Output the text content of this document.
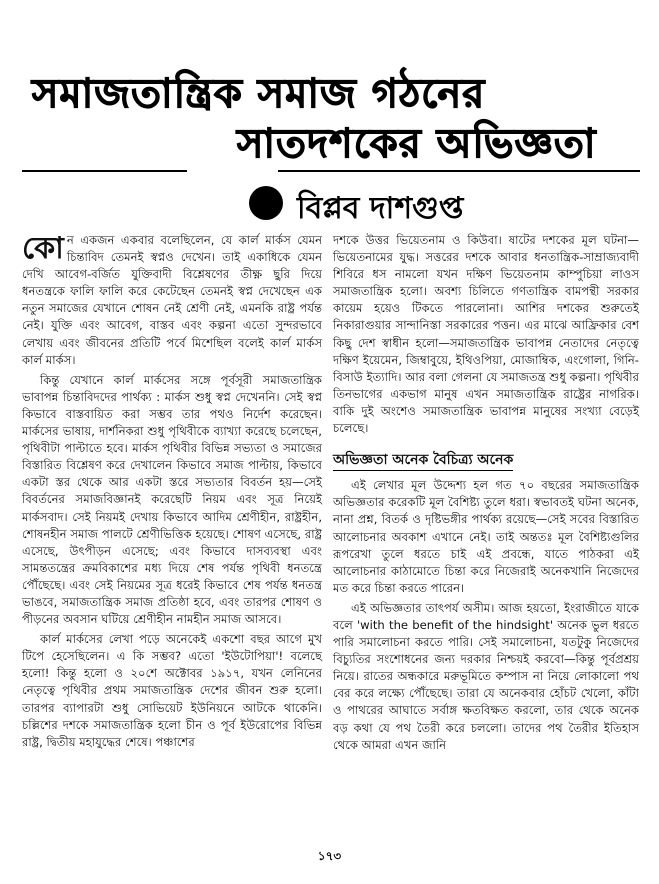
সমাজতান্ত্রিক সমাজ গঠনের
সাতদশকের অভিজ্ঞতা
বিপ্লব দাশগুপ্ত

কোন একজন একবার বলেছিলেন, যে কার্ল মার্কস যেমন চিন্তাবিদ তেমনই স্বপ্নও দেখেন। তাই একাধিকে যেমন দেখি আবেগ-বর্জিত যুক্তিবাদী বিশ্লেষণের তীক্ষ্ণ ছুরি দিয়ে ধনতন্ত্রকে ফালি ফালি করে কেটেছেন তেমনই স্বপ্ন দেখেছেন এক নতুন সমাজের যেখানে শোষন নেই শ্রেণী নেই, এমনকি রাষ্ট্র পর্যন্ত নেই। যুক্তি এবং আবেগ, বাস্তব এবং কল্পনা এতো সুন্দরভাবে লেখায় এবং জীবনের প্রতিটি পর্বে মিশেছিল বলেই কার্ল মার্কস কার্ল মার্কস।

কিন্তু যেখানে কার্ল মার্কসের সঙ্গে পূর্বসূরী সমাজতান্ত্রিক ভাবাপন্ন চিন্তাবিদদের পার্থক্য : মার্কস শুধু স্বপ্ন দেখেননি। সেই স্বপ্ন কিভাবে বাস্তবায়িত করা সম্ভব তার পথও নির্দেশ করেছেন। মার্কসের ভাষায়, দার্শনিকরা শুধু পৃথিবীকে ব্যাখ্যা করেছে চলেছেন, পৃথিবীটা পাল্টাতে হবে। মার্কস পৃথিবীর বিভিন্ন সভ্যতা ও সমাজের বিস্তারিত বিশ্লেষণ করে দেখালেন কিভাবে সমাজ পাল্টায়, কিভাবে একটা স্তর থেকে আর একটা স্তরে সভ্যতার বিবর্তন হয়—সেই বিবর্তনের সমাজবিজ্ঞানই করেছেটি নিয়ম এবং সূত্র নিয়েই মার্কসবাদ। সেই নিয়মই দেখায় কিভাবে আদিম শ্রেণীহীন, রাষ্ট্রহীন, শোষনহীন সমাজ পালটে শ্রেণীভিত্তিক হয়েছে। শোষণ এসেছে, রাষ্ট্র এসেছে, উৎপীড়ন এসেছে; এবং কিভাবে দাসব্যবস্থা এবং সামন্ততন্ত্রের ক্রমবিকাশের মধ্য দিয়ে শেষ পর্যন্ত পৃথিবী ধনতন্ত্রে পৌঁছেছে। এবং সেই নিয়মের সূত্র ধরেই কিভাবে শেষ পর্যন্ত ধনতন্ত্র ভাঙবে, সমাজতান্ত্রিক সমাজ প্রতিষ্ঠা হবে, এবং তারপর শোষণ ও পীড়নের অবসান ঘটিয়ে শ্রেণীহীন নামহীন সমাজ আসবে।

কার্ল মার্কসের লেখা পড়ে অনেকেই একশো বছর আগে মুখ টিপে হেসেছিলেন। এ কি সম্ভব? এতো 'ইউটোপিয়া'! বলেছে হলো! কিন্তু হলো ও ২০শে অক্টোবর ১৯১৭, যখন লেনিনের নেতৃত্বে পৃথিবীর প্রথম সমাজতান্ত্রিক দেশের জীবন শুরু হলো। তারপর ব্যাপারটা শুধু সোভিয়েট ইউনিয়নে আটকে থাকেনি। চল্লিশের দশকে সমাজতান্ত্রিক হলো চীন ও পূর্ব ইউরোপের বিভিন্ন রাষ্ট্র, দ্বিতীয় মহাযুদ্ধের শেষে। পঞ্চাশের

দশকে উত্তর ভিয়েতনাম ও কিউবা। ষাটের দশকের মূল ঘটনা—ভিয়েতনামের যুদ্ধ। সত্তরের দশকে আবার ধনতান্ত্রিক-সাম্রাজ্যবাদী শিবিরে ধস নামলো যখন দক্ষিণ ভিয়েতনাম কাম্পুচিয়া লাওস সমাজতান্ত্রিক হলো। অবশ্য চিলিতে গণতান্ত্রিক বামপন্থী সরকার কায়েম হয়েও টিকতে পারলোনা। আশির দশকের শুরুতেই নিকারাগুয়ার সান্দানিস্তা সরকারের পত্তন। এর মাঝে আফ্রিকার বেশ কিছু দেশ স্বাধীন হলো—সমাজতান্ত্রিক ভাবাপন্ন নেতাদের নেতৃত্বে দক্ষিণ ইয়েমেন, জিম্বাবুয়ে, ইথিওপিয়া, মোজাম্বিক, এংগোলা, গিনি-বিসাউ ইত্যাদি। আর বলা গেলনা যে সমাজতন্ত্র শুধু কল্পনা। পৃথিবীর তিনভাগের একভাগ মানুষ এখন সমাজতান্ত্রিক রাষ্ট্রের নাগরিক। বাকি দুই অংশেও সমাজতান্ত্রিক ভাবাপন্ন মানুষের সংখ্যা বেড়েই চলেছে।

অভিজ্ঞতা অনেক বৈচিত্র্য অনেক

এই লেখার মূল উদ্দেশ্য হল গত ৭০ বছরের সমাজতান্ত্রিক অভিজ্ঞতার করেকটি মূল বৈশিষ্ট্য তুলে ধরা। স্বভাবতই ঘটনা অনেক, নানা প্রশ্ন, বিতর্ক ও দৃষ্টিভঙ্গীর পার্থক্য রয়েছে—সেই সবের বিস্তারিত আলোচনার অবকাশ এখানে নেই। তাই অন্ততঃ মূল বৈশিষ্ট্যগুলির রূপরেখা তুলে ধরতে চাই এই প্রবন্ধে, যাতে পাঠকরা এই আলোচনার কাঠামোতে চিন্তা করে নিজেরাই অনেকখানি নিজেদের মত করে চিন্তা করতে পারেন।

এই অভিজ্ঞতার তাৎপর্য অসীম। আজ হয়তো, ইংরাজীতে যাকে বলে 'with the benefit of the hindsight' অনেক ভুল ধরতে পারি সমালোচনা করতে পারি। সেই সমালোচনা, যতটুকু নিজেদের বিচ্যুতির সংশোধনের জন্য দরকার নিশ্চয়ই করবো—কিন্তু পূর্বপ্রশ্রয় নিয়ে। রাতের অন্ধকারে মরুভূমিতে কম্পাস না নিয়ে লোকালো পথ বের করে লক্ষ্যে পৌঁছেছে। তারা যে অনেকবার হোঁচট খেলো, কাঁটা ও পাথরের আঘাতে সর্বাঙ্গ ক্ষতবিক্ষত করলো, তার থেকে অনেক বড় কথা যে পথ তৈরী করে চললো। তাদের পথ তৈরীর ইতিহাস থেকে আমরা এখন জানি

১৭৩
